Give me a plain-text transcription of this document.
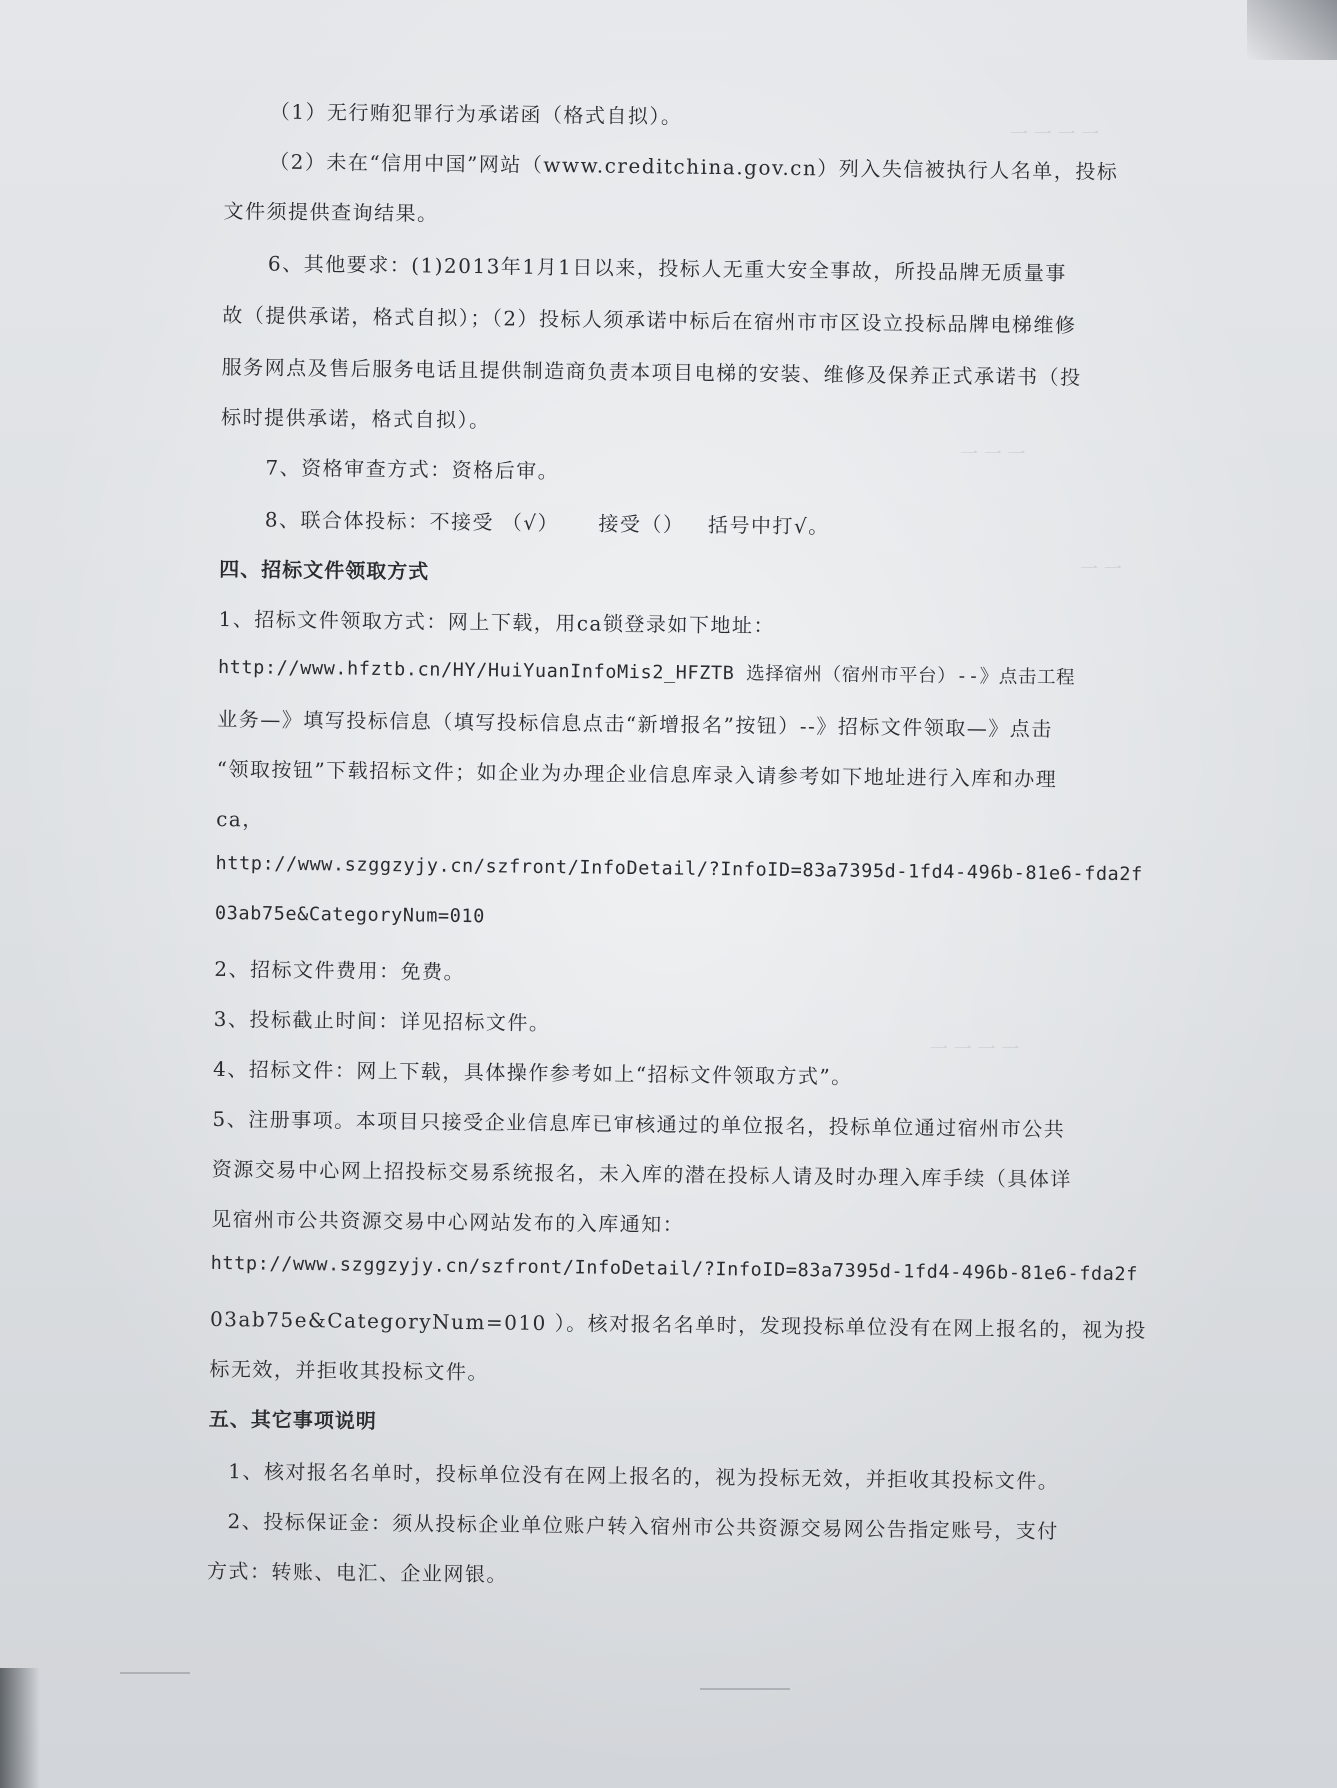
一 一 一 一
一 一 一
一 一
一 一 一 一
（1）无行贿犯罪行为承诺函（格式自拟）。
（2）未在“信用中国”网站（www.creditchina.gov.cn）列入失信被执行人名单，投标
文件须提供查询结果。
6、其他要求：(1)2013年1月1日以来，投标人无重大安全事故，所投品牌无质量事
故（提供承诺，格式自拟）；（2）投标人须承诺中标后在宿州市市区设立投标品牌电梯维修
服务网点及售后服务电话且提供制造商负责本项目电梯的安装、维修及保养正式承诺书（投
标时提供承诺，格式自拟）。
7、资格审查方式：资格后审。
8、联合体投标：不接受 （√）     接受（）   括号中打√。
四、招标文件领取方式
1、招标文件领取方式：网上下载，用ca锁登录如下地址：
http://www.hfztb.cn/HY/HuiYuanInfoMis2_HFZTB 选择宿州（宿州市平台）--》点击工程
业务—》填写投标信息（填写投标信息点击“新增报名”按钮）--》招标文件领取—》点击
“领取按钮”下载招标文件；如企业为办理企业信息库录入请参考如下地址进行入库和办理
ca，
http://www.szggzyjy.cn/szfront/InfoDetail/?InfoID=83a7395d-1fd4-496b-81e6-fda2f
03ab75e&CategoryNum=010
2、招标文件费用：免费。
3、投标截止时间：详见招标文件。
4、招标文件：网上下载，具体操作参考如上“招标文件领取方式”。
5、注册事项。本项目只接受企业信息库已审核通过的单位报名，投标单位通过宿州市公共
资源交易中心网上招投标交易系统报名，未入库的潜在投标人请及时办理入库手续（具体详
见宿州市公共资源交易中心网站发布的入库通知：
http://www.szggzyjy.cn/szfront/InfoDetail/?InfoID=83a7395d-1fd4-496b-81e6-fda2f
03ab75e&CategoryNum=010 ）。核对报名名单时，发现投标单位没有在网上报名的，视为投
标无效，并拒收其投标文件。
五、其它事项说明
1、核对报名名单时，投标单位没有在网上报名的，视为投标无效，并拒收其投标文件。
2、投标保证金：须从投标企业单位账户转入宿州市公共资源交易网公告指定账号，支付
方式：转账、电汇、企业网银。
